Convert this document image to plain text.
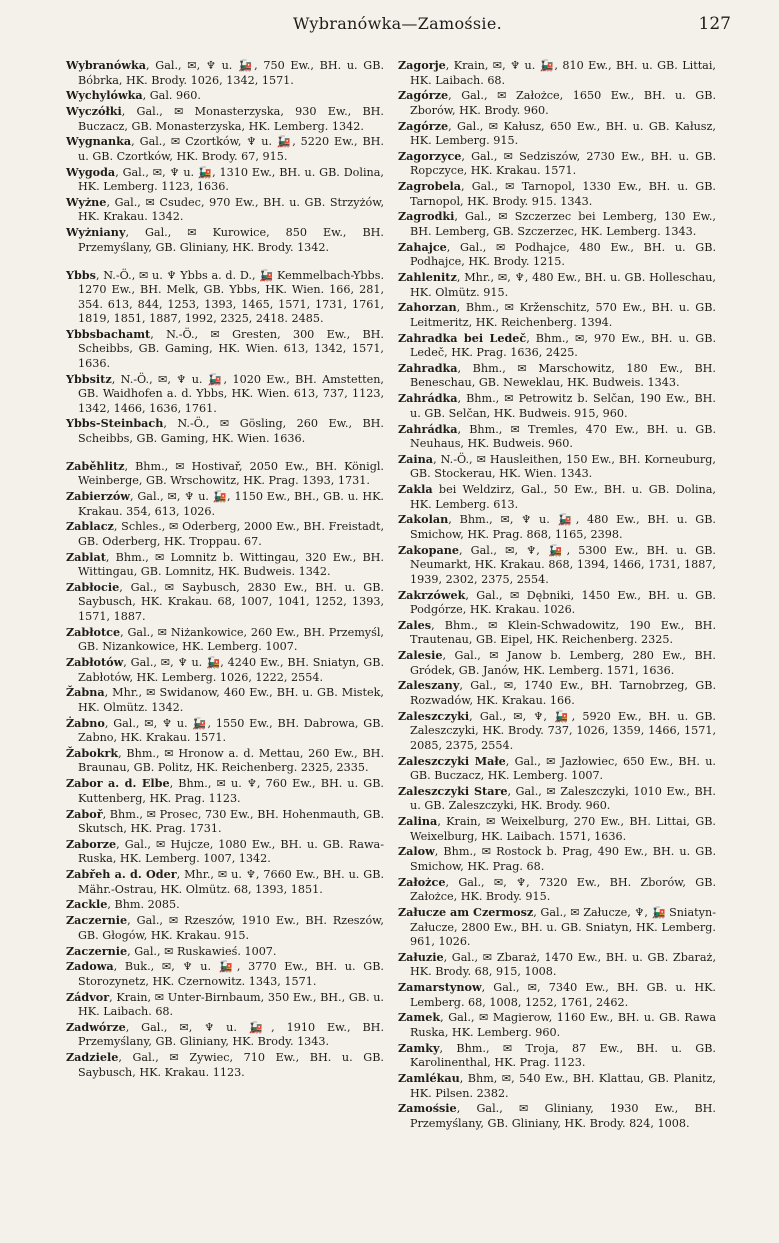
Wybranówka—Zamośsie.	127
Wybranówka, Gal., ✉, ♆ u. 🚂, 750 Ew., BH. u. GB. Bóbrka, HK. Brody. 1026, 1342, 1571.
Wychylówka, Gal. 960.
Wyczółki, Gal., ✉ Monasterzyska, 930 Ew., BH. Buczacz, GB. Monasterzyska, HK. Lemberg. 1342.
Wygnanka, Gal., ✉ Czortków, ♆ u. 🚂, 5220 Ew., BH. u. GB. Czortków, HK. Brody. 67, 915.
Wygoda, Gal., ✉, ♆ u. 🚂, 1310 Ew., BH. u. GB. Dolina, HK. Lemberg. 1123, 1636.
Wyżne, Gal., ✉ Csudec, 970 Ew., BH. u. GB. Strzyżów, HK. Krakau. 1342.
Wyżniany, Gal., ✉ Kurowice, 850 Ew., BH. Przemyślany, GB. Gliniany, HK. Brody. 1342.
Ybbs, N.-Ö., ✉ u. ♆ Ybbs a. d. D., 🚂 Kemmelbach-Ybbs. 1270 Ew., BH. Melk, GB. Ybbs, HK. Wien. 166, 281, 354. 613, 844, 1253, 1393, 1465, 1571, 1731, 1761, 1819, 1851, 1887, 1992, 2325, 2418. 2485.
Ybbsbachamt, N.-Ö., ✉ Gresten, 300 Ew., BH. Scheibbs, GB. Gaming, HK. Wien. 613, 1342, 1571, 1636.
Ybbsitz, N.-Ö., ✉, ♆ u. 🚂, 1020 Ew., BH. Amstetten, GB. Waidhofen a. d. Ybbs, HK. Wien. 613, 737, 1123, 1342, 1466, 1636, 1761.
Ybbs-Steinbach, N.-Ö., ✉ Gösling, 260 Ew., BH. Scheibbs, GB. Gaming, HK. Wien. 1636.
Zaběhlitz, Bhm., ✉ Hostivař, 2050 Ew., BH. Königl. Weinberge, GB. Wrschowitz, HK. Prag. 1393, 1731.
Zabierzów, Gal., ✉, ♆ u. 🚂, 1150 Ew., BH., GB. u. HK. Krakau. 354, 613, 1026.
Zablacz, Schles., ✉ Oderberg, 2000 Ew., BH. Freistadt, GB. Oderberg, HK. Troppau. 67.
Zablat, Bhm., ✉ Lomnitz b. Wittingau, 320 Ew., BH. Wittingau, GB. Lomnitz, HK. Budweis. 1342.
Zabłocie, Gal., ✉ Saybusch, 2830 Ew., BH. u. GB. Saybusch, HK. Krakau. 68, 1007, 1041, 1252, 1393, 1571, 1887.
Zabłotce, Gal., ✉ Niżankowice, 260 Ew., BH. Przemyśl, GB. Nizankowice, HK. Lemberg. 1007.
Zabłotów, Gal., ✉, ♆ u. 🚂, 4240 Ew., BH. Sniatyn, GB. Zabłotów, HK. Lemberg. 1026, 1222, 2554.
Žabna, Mhr., ✉ Swidanow, 460 Ew., BH. u. GB. Mistek, HK. Olmütz. 1342.
Żabno, Gal., ✉, ♆ u. 🚂, 1550 Ew., BH. Dabrowa, GB. Zabno, HK. Krakau. 1571.
Žabokrk, Bhm., ✉ Hronow a. d. Mettau, 260 Ew., BH. Braunau, GB. Politz, HK. Reichenberg. 2325, 2335.
Zabor a. d. Elbe, Bhm., ✉ u. ♆, 760 Ew., BH. u. GB. Kuttenberg, HK. Prag. 1123.
Zaboř, Bhm., ✉ Prosec, 730 Ew., BH. Hohenmauth, GB. Skutsch, HK. Prag. 1731.
Zaborze, Gal., ✉ Hujcze, 1080 Ew., BH. u. GB. Rawa-Ruska, HK. Lemberg. 1007, 1342.
Zabřeh a. d. Oder, Mhr., ✉ u. ♆, 7660 Ew., BH. u. GB. Mähr.-Ostrau, HK. Olmütz. 68, 1393, 1851.
Zackle, Bhm. 2085.
Zaczernie, Gal., ✉ Rzeszów, 1910 Ew., BH. Rzeszów, GB. Głogów, HK. Krakau. 915.
Zaczernie, Gal., ✉ Ruskawieś. 1007.
Zadowa, Buk., ✉, ♆ u. 🚂, 3770 Ew., BH. u. GB. Storozynetz, HK. Czernowitz. 1343, 1571.
Zádvor, Krain, ✉ Unter-Birnbaum, 350 Ew., BH., GB. u. HK. Laibach. 68.
Zadwórze, Gal., ✉, ♆ u. 🚂, 1910 Ew., BH. Przemyślany, GB. Gliniany, HK. Brody. 1343.
Zadziele, Gal., ✉ Zywiec, 710 Ew., BH. u. GB. Saybusch, HK. Krakau. 1123.
Zagorje, Krain, ✉, ♆ u. 🚂, 810 Ew., BH. u. GB. Littai, HK. Laibach. 68.
Zagórze, Gal., ✉ Założce, 1650 Ew., BH. u. GB. Zborów, HK. Brody. 960.
Zagórze, Gal., ✉ Kałusz, 650 Ew., BH. u. GB. Kałusz, HK. Lemberg. 915.
Zagorzyce, Gal., ✉ Sedziszów, 2730 Ew., BH. u. GB. Ropczyce, HK. Krakau. 1571.
Zagrobela, Gal., ✉ Tarnopol, 1330 Ew., BH. u. GB. Tarnopol, HK. Brody. 915. 1343.
Zagrodki, Gal., ✉ Szczerzec bei Lemberg, 130 Ew., BH. Lemberg, GB. Szczerzec, HK. Lemberg. 1343.
Zahajce, Gal., ✉ Podhajce, 480 Ew., BH. u. GB. Podhajce, HK. Brody. 1215.
Zahlenitz, Mhr., ✉, ♆, 480 Ew., BH. u. GB. Holleschau, HK. Olmütz. 915.
Zahorzan, Bhm., ✉ Krženschitz, 570 Ew., BH. u. GB. Leitmeritz, HK. Reichenberg. 1394.
Zahradka bei Ledeč, Bhm., ✉, 970 Ew., BH. u. GB. Ledeč, HK. Prag. 1636, 2425.
Zahradka, Bhm., ✉ Marschowitz, 180 Ew., BH. Beneschau, GB. Neweklau, HK. Budweis. 1343.
Zahrádka, Bhm., ✉ Petrowitz b. Selčan, 190 Ew., BH. u. GB. Selčan, HK. Budweis. 915, 960.
Zahrádka, Bhm., ✉ Tremles, 470 Ew., BH. u. GB. Neuhaus, HK. Budweis. 960.
Zaina, N.-Ö., ✉ Hausleithen, 150 Ew., BH. Korneuburg, GB. Stockerau, HK. Wien. 1343.
Zakla bei Weldzirz, Gal., 50 Ew., BH. u. GB. Dolina, HK. Lemberg. 613.
Zakolan, Bhm., ✉, ♆ u. 🚂, 480 Ew., BH. u. GB. Smichow, HK. Prag. 868, 1165, 2398.
Zakopane, Gal., ✉, ♆, 🚂, 5300 Ew., BH. u. GB. Neumarkt, HK. Krakau. 868, 1394, 1466, 1731, 1887, 1939, 2302, 2375, 2554.
Zakrzówek, Gal., ✉ Dębniki, 1450 Ew., BH. u. GB. Podgórze, HK. Krakau. 1026.
Zales, Bhm., ✉ Klein-Schwadowitz, 190 Ew., BH. Trautenau, GB. Eipel, HK. Reichenberg. 2325.
Zalesie, Gal., ✉ Janow b. Lemberg, 280 Ew., BH. Gródek, GB. Janów, HK. Lemberg. 1571, 1636.
Zaleszany, Gal., ✉, 1740 Ew., BH. Tarnobrzeg, GB. Rozwadów, HK. Krakau. 166.
Zaleszczyki, Gal., ✉, ♆, 🚂, 5920 Ew., BH. u. GB. Zaleszczyki, HK. Brody. 737, 1026, 1359, 1466, 1571, 2085, 2375, 2554.
Zaleszczyki Małe, Gal., ✉ Jazłowiec, 650 Ew., BH. u. GB. Buczacz, HK. Lemberg. 1007.
Zaleszczyki Stare, Gal., ✉ Zaleszczyki, 1010 Ew., BH. u. GB. Zaleszczyki, HK. Brody. 960.
Zalina, Krain, ✉ Weixelburg, 270 Ew., BH. Littai, GB. Weixelburg, HK. Laibach. 1571, 1636.
Zalow, Bhm., ✉ Rostock b. Prag, 490 Ew., BH. u. GB. Smichow, HK. Prag. 68.
Założce, Gal., ✉, ♆, 7320 Ew., BH. Zborów, GB. Założce, HK. Brody. 915.
Załucze am Czermosz, Gal., ✉ Załucze, ♆, 🚂 Sniatyn-Załucze, 2800 Ew., BH. u. GB. Sniatyn, HK. Lemberg. 961, 1026.
Załuzie, Gal., ✉ Zbaraż, 1470 Ew., BH. u. GB. Zbaraż, HK. Brody. 68, 915, 1008.
Zamarstynow, Gal., ✉, 7340 Ew., BH. GB. u. HK. Lemberg. 68, 1008, 1252, 1761, 2462.
Zamek, Gal., ✉ Magierow, 1160 Ew., BH. u. GB. Rawa Ruska, HK. Lemberg. 960.
Zamky, Bhm., ✉ Troja, 87 Ew., BH. u. GB. Karolinenthal, HK. Prag. 1123.
Zamlékau, Bhm, ✉, 540 Ew., BH. Klattau, GB. Planitz, HK. Pilsen. 2382.
Zamośsie, Gal., ✉ Gliniany, 1930 Ew., BH. Przemyślany, GB. Gliniany, HK. Brody. 824, 1008.
